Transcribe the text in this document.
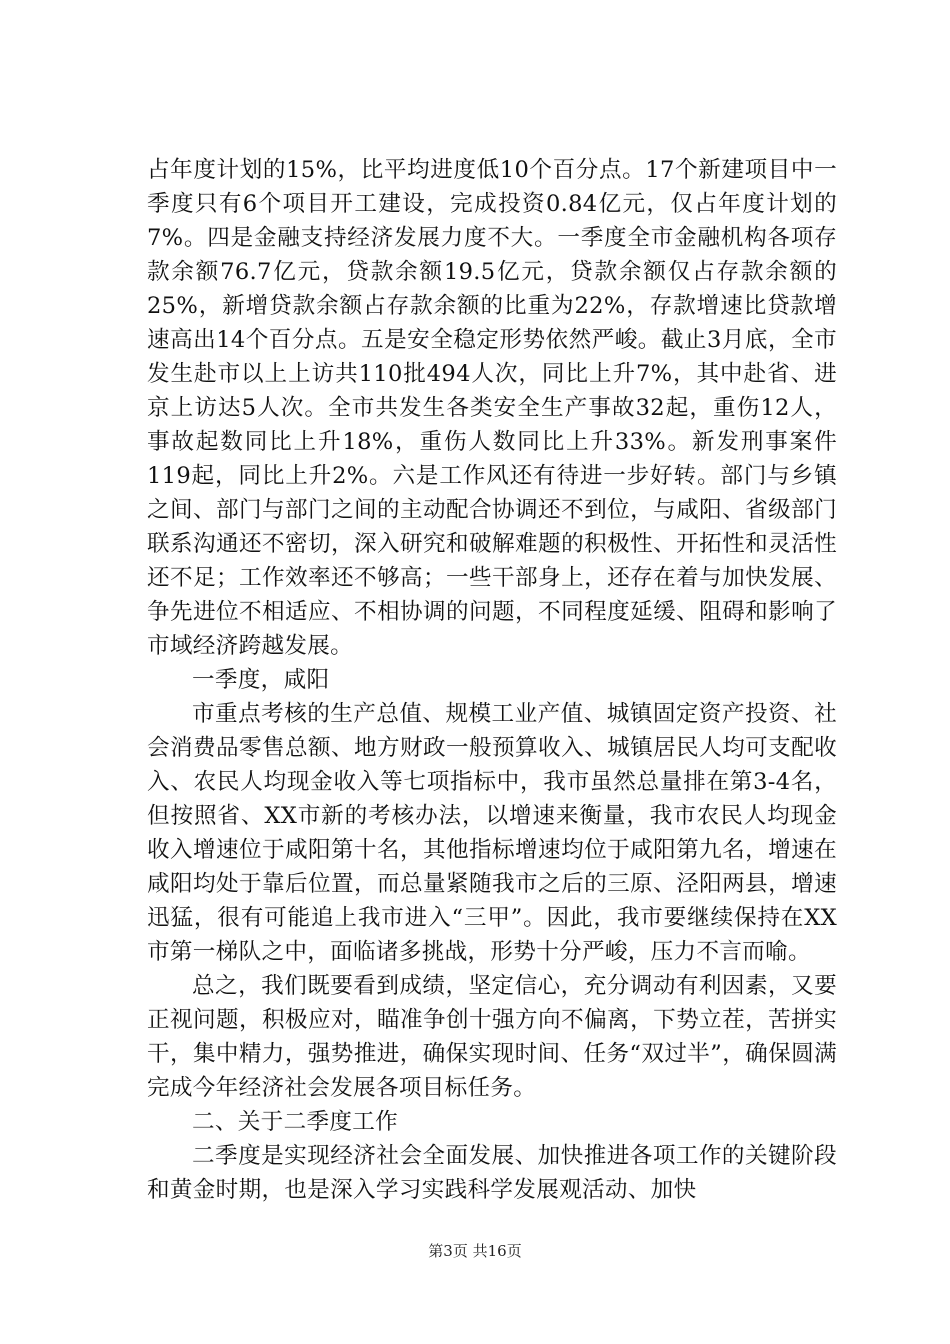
占年度计划的15%，比平均进度低10个百分点。17个新建项目中一季度只有6个项目开工建设，完成投资0.84亿元，仅占年度计划的7%。四是金融支持经济发展力度不大。一季度全市金融机构各项存款余额76.7亿元，贷款余额19.5亿元，贷款余额仅占存款余额的25%，新增贷款余额占存款余额的比重为22%，存款增速比贷款增速高出14个百分点。五是安全稳定形势依然严峻。截止3月底，全市发生赴市以上上访共110批494人次，同比上升7%，其中赴省、进京上访达5人次。全市共发生各类安全生产事故32起，重伤12人，事故起数同比上升18%，重伤人数同比上升33%。新发刑事案件119起，同比上升2%。六是工作风还有待进一步好转。部门与乡镇之间、部门与部门之间的主动配合协调还不到位，与咸阳、省级部门联系沟通还不密切，深入研究和破解难题的积极性、开拓性和灵活性还不足；工作效率还不够高；一些干部身上，还存在着与加快发展、争先进位不相适应、不相协调的问题，不同程度延缓、阻碍和影响了市域经济跨越发展。

一季度，咸阳

市重点考核的生产总值、规模工业产值、城镇固定资产投资、社会消费品零售总额、地方财政一般预算收入、城镇居民人均可支配收入、农民人均现金收入等七项指标中，我市虽然总量排在第3-4名，但按照省、XX市新的考核办法，以增速来衡量，我市农民人均现金收入增速位于咸阳第十名，其他指标增速均位于咸阳第九名，增速在咸阳均处于靠后位置，而总量紧随我市之后的三原、泾阳两县，增速迅猛，很有可能追上我市进入“三甲”。因此，我市要继续保持在XX市第一梯队之中，面临诸多挑战，形势十分严峻，压力不言而喻。

总之，我们既要看到成绩，坚定信心，充分调动有利因素，又要正视问题，积极应对，瞄准争创十强方向不偏离，下势立茬，苦拼实干，集中精力，强势推进，确保实现时间、任务“双过半”，确保圆满完成今年经济社会发展各项目标任务。

二、关于二季度工作

二季度是实现经济社会全面发展、加快推进各项工作的关键阶段和黄金时期，也是深入学习实践科学发展观活动、加快

第3页 共16页
